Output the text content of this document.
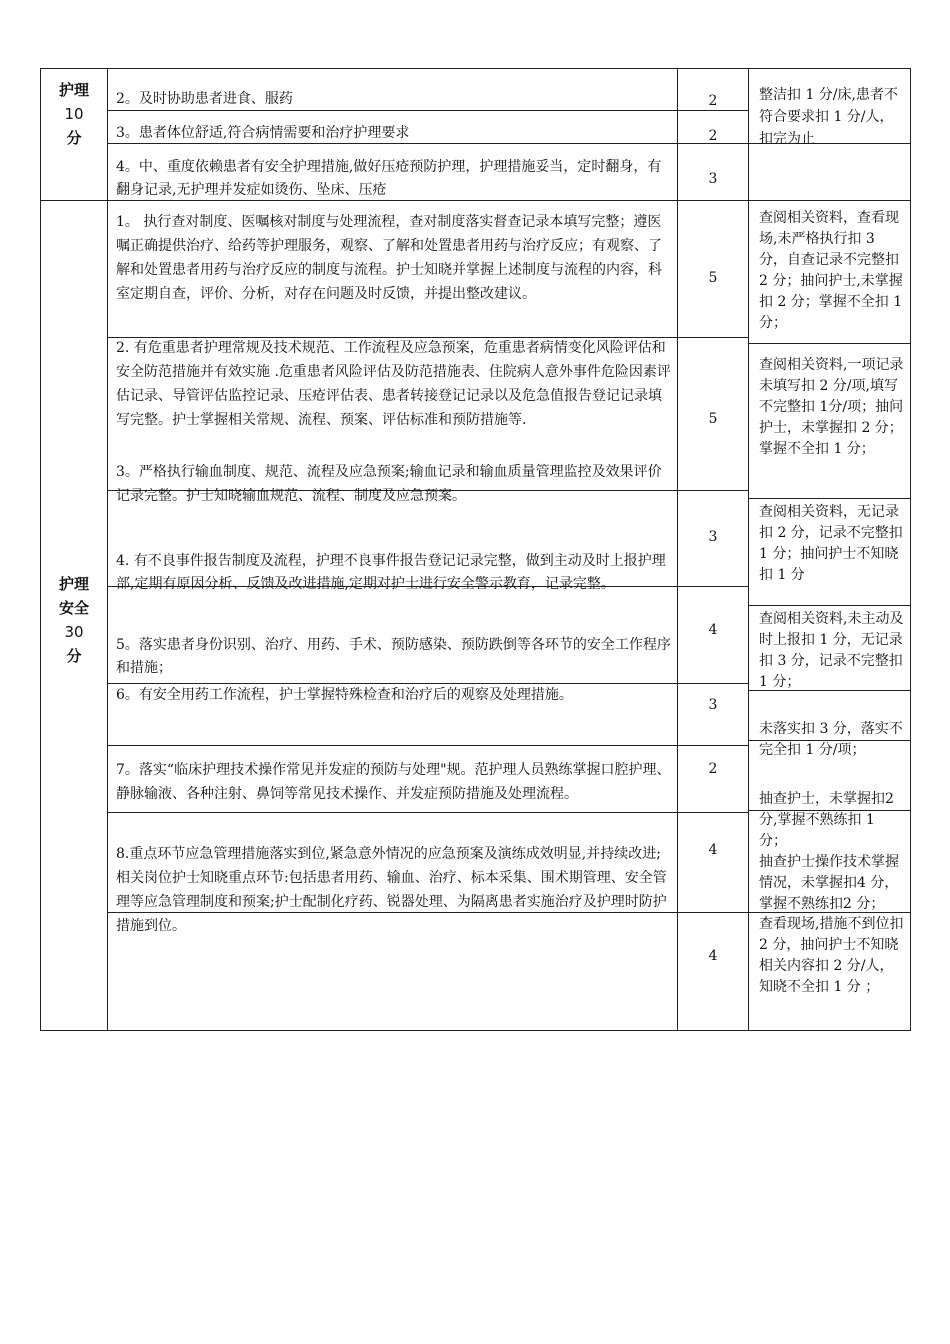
护理
10
分
护理
安全
30
分
2。及时协助患者进食、服药
3。患者体位舒适,符合病情需要和治疗护理要求
4。中、重度依赖患者有安全护理措施,做好压疮预防护理，护理措施妥当，定时翻身，有翻身记录,无护理并发症如烫伤、坠床、压疮
1。 执行查对制度、医嘱核对制度与处理流程，查对制度落实督查记录本填写完整；遵医嘱正确提供治疗、给药等护理服务，观察、了解和处置患者用药与治疗反应；有观察、了解和处置患者用药与治疗反应的制度与流程。护士知晓并掌握上述制度与流程的内容，科室定期自查，评价、分析，对存在问题及时反馈，并提出整改建议。
2. 有危重患者护理常规及技术规范、工作流程及应急预案，危重患者病情变化风险评估和安全防范措施并有效实施 .危重患者风险评估及防范措施表、住院病人意外事件危险因素评估记录、导管评估监控记录、压疮评估表、患者转接登记记录以及危急值报告登记记录填写完整。护士掌握相关常规、流程、预案、评估标准和预防措施等.
3。严格执行输血制度、规范、流程及应急预案;输血记录和输血质量管理监控及效果评价记录完整。护士知晓输血规范、流程、制度及应急预案。
4. 有不良事件报告制度及流程，护理不良事件报告登记记录完整，做到主动及时上报护理部,定期有原因分析、反馈及改进措施,定期对护士进行安全警示教育，记录完整。
5。落实患者身份识别、治疗、用药、手术、预防感染、预防跌倒等各环节的安全工作程序和措施；
6。有安全用药工作流程，护士掌握特殊检查和治疗后的观察及处理措施。
7。落实“临床护理技术操作常见并发症的预防与处理"规。范护理人员熟练掌握口腔护理、静脉输液、各种注射、鼻饲等常见技术操作、并发症预防措施及处理流程。
8.重点环节应急管理措施落实到位,紧急意外情况的应急预案及演练成效明显,并持续改进;相关岗位护士知晓重点环节:包括患者用药、输血、治疗、标本采集、围术期管理、安全管理等应急管理制度和预案;护士配制化疗药、锐器处理、为隔离患者实施治疗及护理时防护措施到位。
2
2
3
5
5
3
4
3
2
4
4
整洁扣 1 分/床,患者不符合要求扣 1 分/人，扣完为止
查阅相关资料，查看现场,未严格执行扣 3 分，自查记录不完整扣 2 分；抽问护士,未掌握扣 2 分；掌握不全扣 1 分；
查阅相关资料,一项记录未填写扣 2 分/项,填写不完整扣 1分/项；抽问护士，未掌握扣 2 分；掌握不全扣 1 分；
查阅相关资料，无记录扣 2 分，记录不完整扣 1 分；抽问护士不知晓扣 1 分
查阅相关资料,未主动及时上报扣 1 分，无记录扣 3 分，记录不完整扣 1 分；
未落实扣 3 分，落实不完全扣 1 分/项；
抽查护士，未掌握扣2 分,掌握不熟练扣 1 分；
抽查护士操作技术掌握情况，未掌握扣4 分，掌握不熟练扣2 分；
查看现场,措施不到位扣 2 分，抽问护士不知晓相关内容扣 2 分/人，知晓不全扣 1 分 ；
